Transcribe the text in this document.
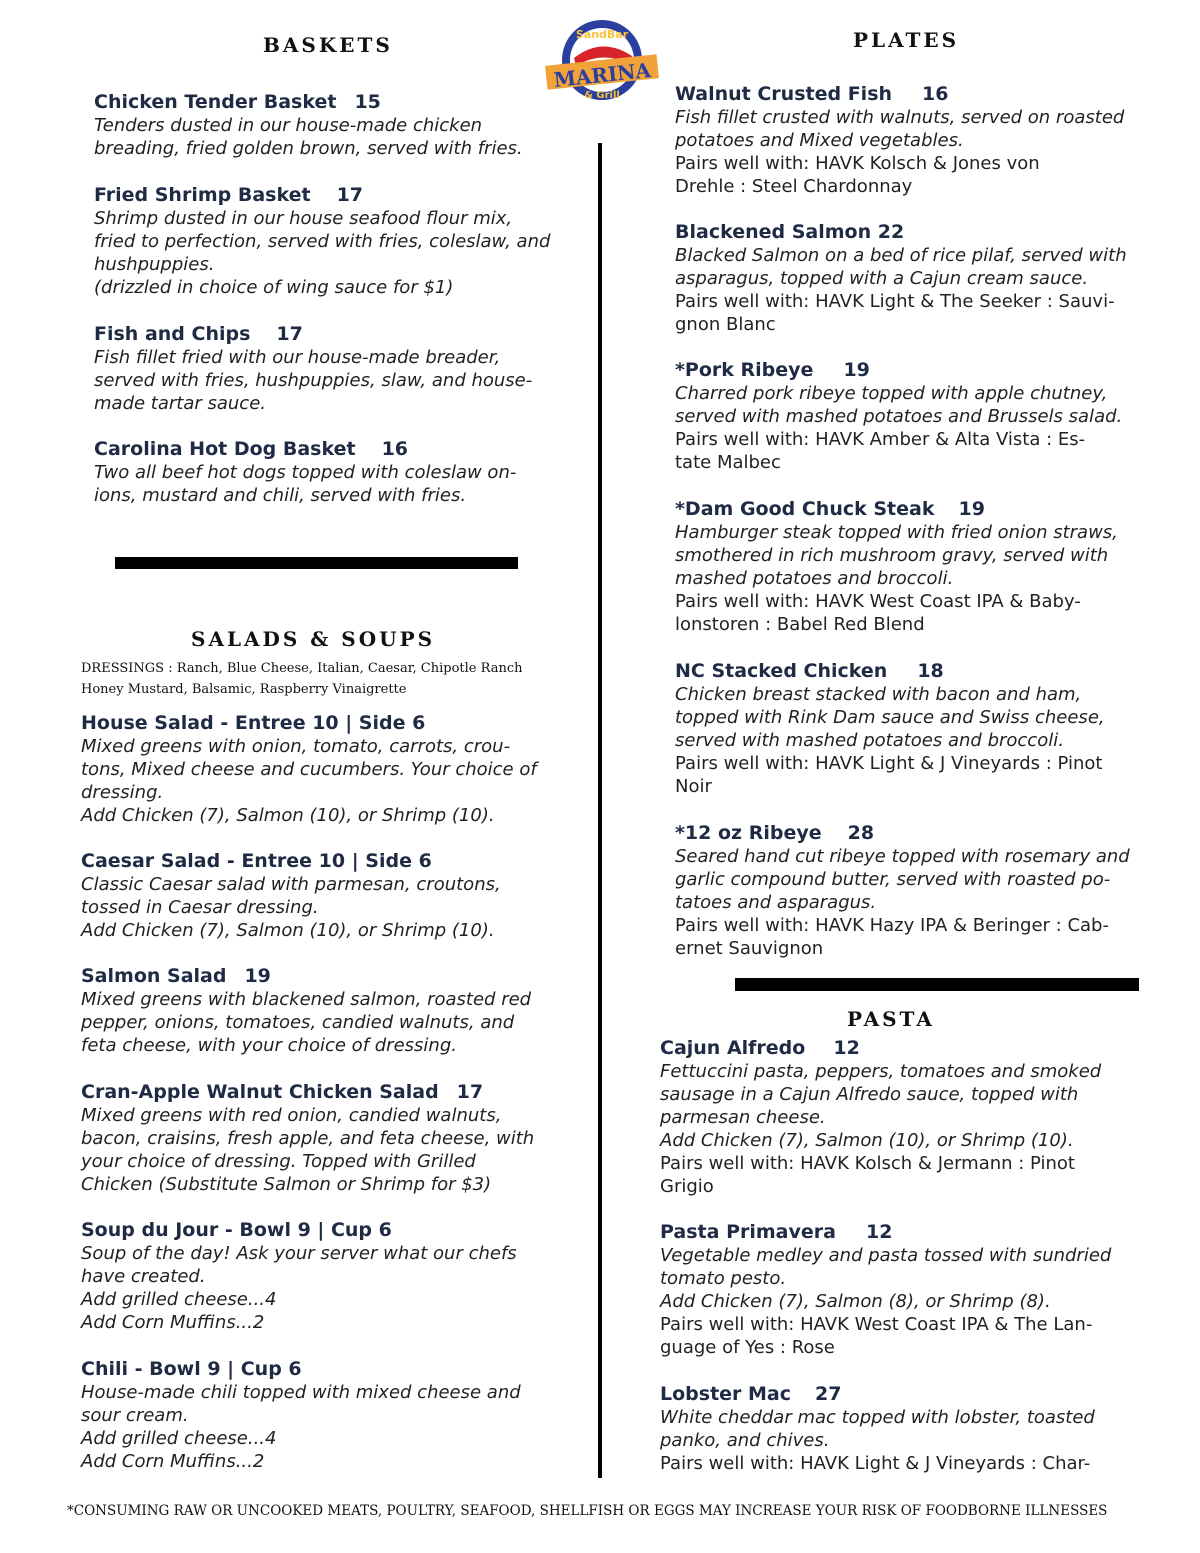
MARINA
SandBar
& Grill
BASKETS
Chicken Tender Basket 15
Tenders dusted in our house-made chicken
breading, fried golden brown, served with fries.
Fried Shrimp Basket 17
Shrimp dusted in our house seafood flour mix,
fried to perfection, served with fries, coleslaw, and
hushpuppies.
(drizzled in choice of wing sauce for $1)
Fish and Chips 17
Fish fillet fried with our house-made breader,
served with fries, hushpuppies, slaw, and house-
made tartar sauce.
Carolina Hot Dog Basket 16
Two all beef hot dogs topped with coleslaw on-
ions, mustard and chili, served with fries.
SALADS & SOUPS
DRESSINGS : Ranch, Blue Cheese, Italian, Caesar, Chipotle Ranch
Honey Mustard, Balsamic, Raspberry Vinaigrette
House Salad - Entree 10 | Side 6
Mixed greens with onion, tomato, carrots, crou-
tons, Mixed cheese and cucumbers. Your choice of
dressing.
Add Chicken (7), Salmon (10), or Shrimp (10).
Caesar Salad - Entree 10 | Side 6
Classic Caesar salad with parmesan, croutons,
tossed in Caesar dressing.
Add Chicken (7), Salmon (10), or Shrimp (10).
Salmon Salad 19
Mixed greens with blackened salmon, roasted red
pepper, onions, tomatoes, candied walnuts, and
feta cheese, with your choice of dressing.
Cran-Apple Walnut Chicken Salad 17
Mixed greens with red onion, candied walnuts,
bacon, craisins, fresh apple, and feta cheese, with
your choice of dressing. Topped with Grilled
Chicken (Substitute Salmon or Shrimp for $3)
Soup du Jour - Bowl 9 | Cup 6
Soup of the day! Ask your server what our chefs
have created.
Add grilled cheese...4
Add Corn Muffins...2
Chili - Bowl 9 | Cup 6
House-made chili topped with mixed cheese and
sour cream.
Add grilled cheese...4
Add Corn Muffins...2
PLATES
Walnut Crusted Fish 16
Fish fillet crusted with walnuts, served on roasted
potatoes and Mixed vegetables.
Pairs well with: HAVK Kolsch & Jones von
Drehle : Steel Chardonnay
Blackened Salmon 22
Blacked Salmon on a bed of rice pilaf, served with
asparagus, topped with a Cajun cream sauce.
Pairs well with: HAVK Light & The Seeker : Sauvi-
gnon Blanc
*Pork Ribeye 19
Charred pork ribeye topped with apple chutney,
served with mashed potatoes and Brussels salad.
Pairs well with: HAVK Amber & Alta Vista : Es-
tate Malbec
*Dam Good Chuck Steak 19
Hamburger steak topped with fried onion straws,
smothered in rich mushroom gravy, served with
mashed potatoes and broccoli.
Pairs well with: HAVK West Coast IPA & Baby-
lonstoren : Babel Red Blend
NC Stacked Chicken 18
Chicken breast stacked with bacon and ham,
topped with Rink Dam sauce and Swiss cheese,
served with mashed potatoes and broccoli.
Pairs well with: HAVK Light & J Vineyards : Pinot
Noir
*12 oz Ribeye 28
Seared hand cut ribeye topped with rosemary and
garlic compound butter, served with roasted po-
tatoes and asparagus.
Pairs well with: HAVK Hazy IPA & Beringer : Cab-
ernet Sauvignon
PASTA
Cajun Alfredo 12
Fettuccini pasta, peppers, tomatoes and smoked
sausage in a Cajun Alfredo sauce, topped with
parmesan cheese.
Add Chicken (7), Salmon (10), or Shrimp (10).
Pairs well with: HAVK Kolsch & Jermann : Pinot
Grigio
Pasta Primavera 12
Vegetable medley and pasta tossed with sundried
tomato pesto.
Add Chicken (7), Salmon (8), or Shrimp (8).
Pairs well with: HAVK West Coast IPA & The Lan-
guage of Yes : Rose
Lobster Mac 27
White cheddar mac topped with lobster, toasted
panko, and chives.
Pairs well with: HAVK Light & J Vineyards : Char-
*CONSUMING RAW OR UNCOOKED MEATS, POULTRY, SEAFOOD, SHELLFISH OR EGGS MAY INCREASE YOUR RISK OF FOODBORNE ILLNESSES
